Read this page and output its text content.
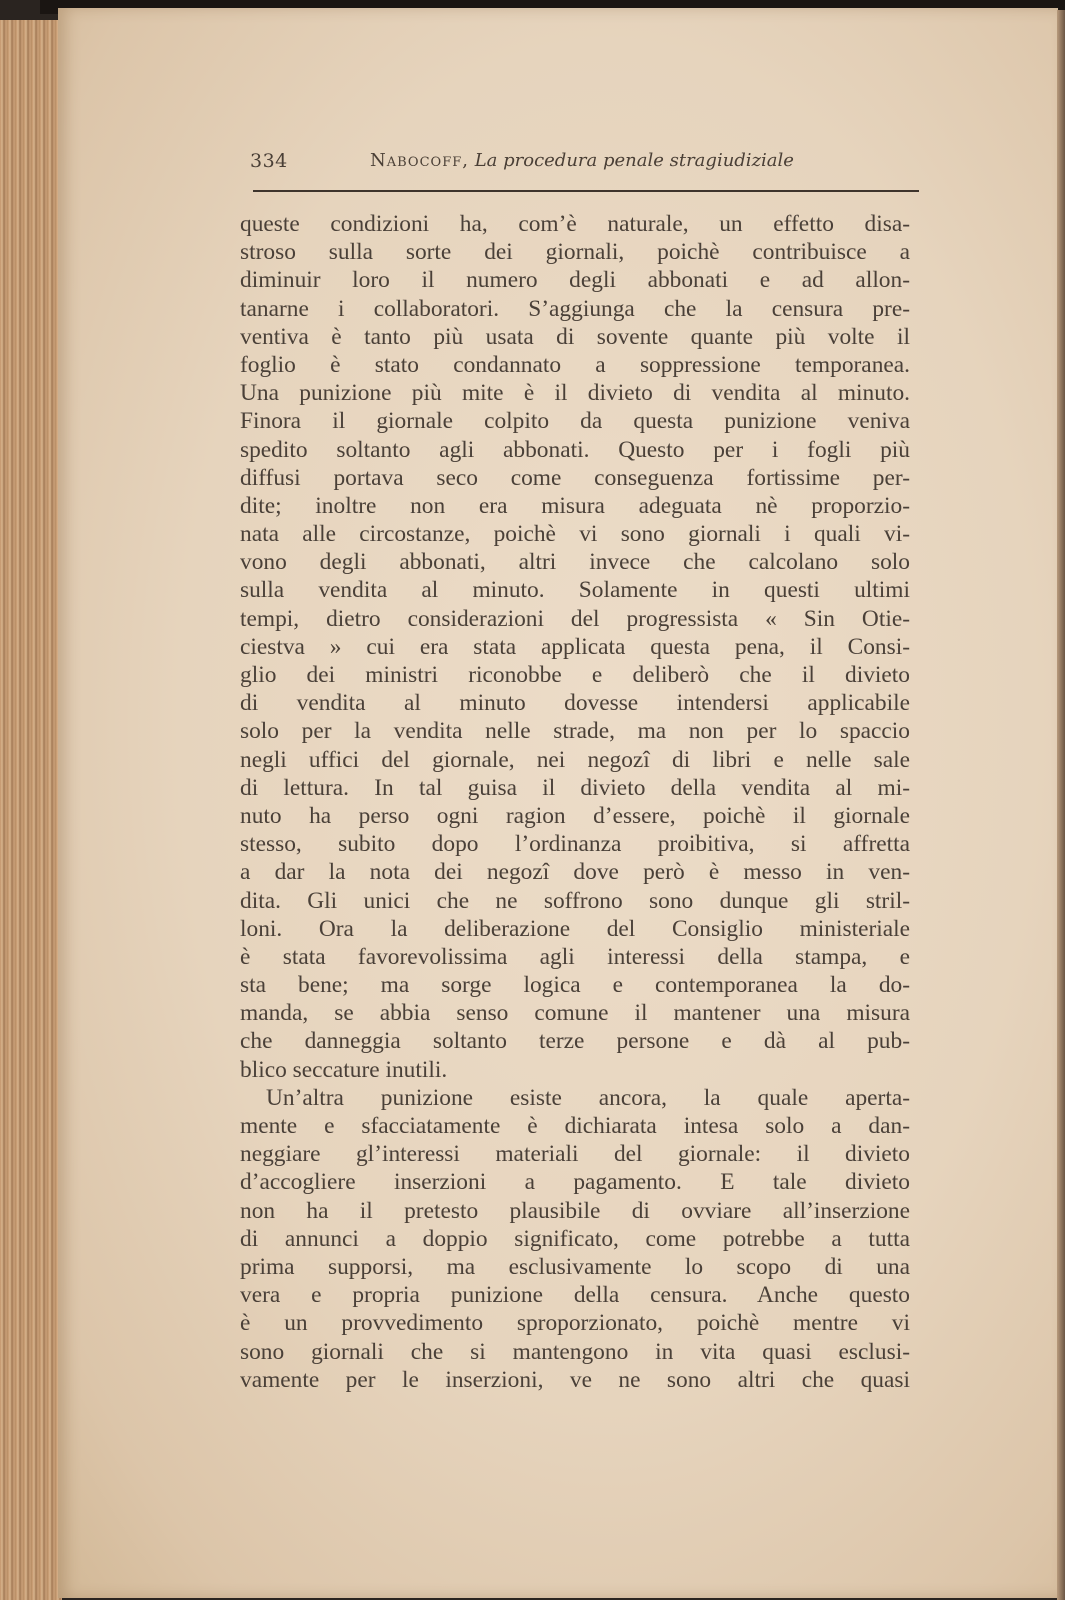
334	Nabocoff, La procedura penale stragiudiziale
queste condizioni ha, com’è naturale, un effetto disa-
stroso sulla sorte dei giornali, poichè contribuisce a
diminuir loro il numero degli abbonati e ad allon-
tanarne i collaboratori. S’aggiunga che la censura pre-
ventiva è tanto più usata di sovente quante più volte il
foglio è stato condannato a soppressione temporanea.
Una punizione più mite è il divieto di vendita al minuto.
Finora il giornale colpito da questa punizione veniva
spedito soltanto agli abbonati. Questo per i fogli più
diffusi portava seco come conseguenza fortissime per-
dite; inoltre non era misura adeguata nè proporzio-
nata alle circostanze, poichè vi sono giornali i quali vi-
vono degli abbonati, altri invece che calcolano solo
sulla vendita al minuto. Solamente in questi ultimi
tempi, dietro considerazioni del progressista « Sin Otie-
ciestva » cui era stata applicata questa pena, il Consi-
glio dei ministri riconobbe e deliberò che il divieto
di vendita al minuto dovesse intendersi applicabile
solo per la vendita nelle strade, ma non per lo spaccio
negli uffici del giornale, nei negozî di libri e nelle sale
di lettura. In tal guisa il divieto della vendita al mi-
nuto ha perso ogni ragion d’essere, poichè il giornale
stesso, subito dopo l’ordinanza proibitiva, si affretta
a dar la nota dei negozî dove però è messo in ven-
dita. Gli unici che ne soffrono sono dunque gli stril-
loni. Ora la deliberazione del Consiglio ministeriale
è stata favorevolissima agli interessi della stampa, e
sta bene; ma sorge logica e contemporanea la do-
manda, se abbia senso comune il mantener una misura
che danneggia soltanto terze persone e dà al pub-
blico seccature inutili.
Un’altra punizione esiste ancora, la quale aperta-
mente e sfacciatamente è dichiarata intesa solo a dan-
neggiare gl’interessi materiali del giornale: il divieto
d’accogliere inserzioni a pagamento. E tale divieto
non ha il pretesto plausibile di ovviare all’inserzione
di annunci a doppio significato, come potrebbe a tutta
prima supporsi, ma esclusivamente lo scopo di una
vera e propria punizione della censura. Anche questo
è un provvedimento sproporzionato, poichè mentre vi
sono giornali che si mantengono in vita quasi esclusi-
vamente per le inserzioni, ve ne sono altri che quasi
